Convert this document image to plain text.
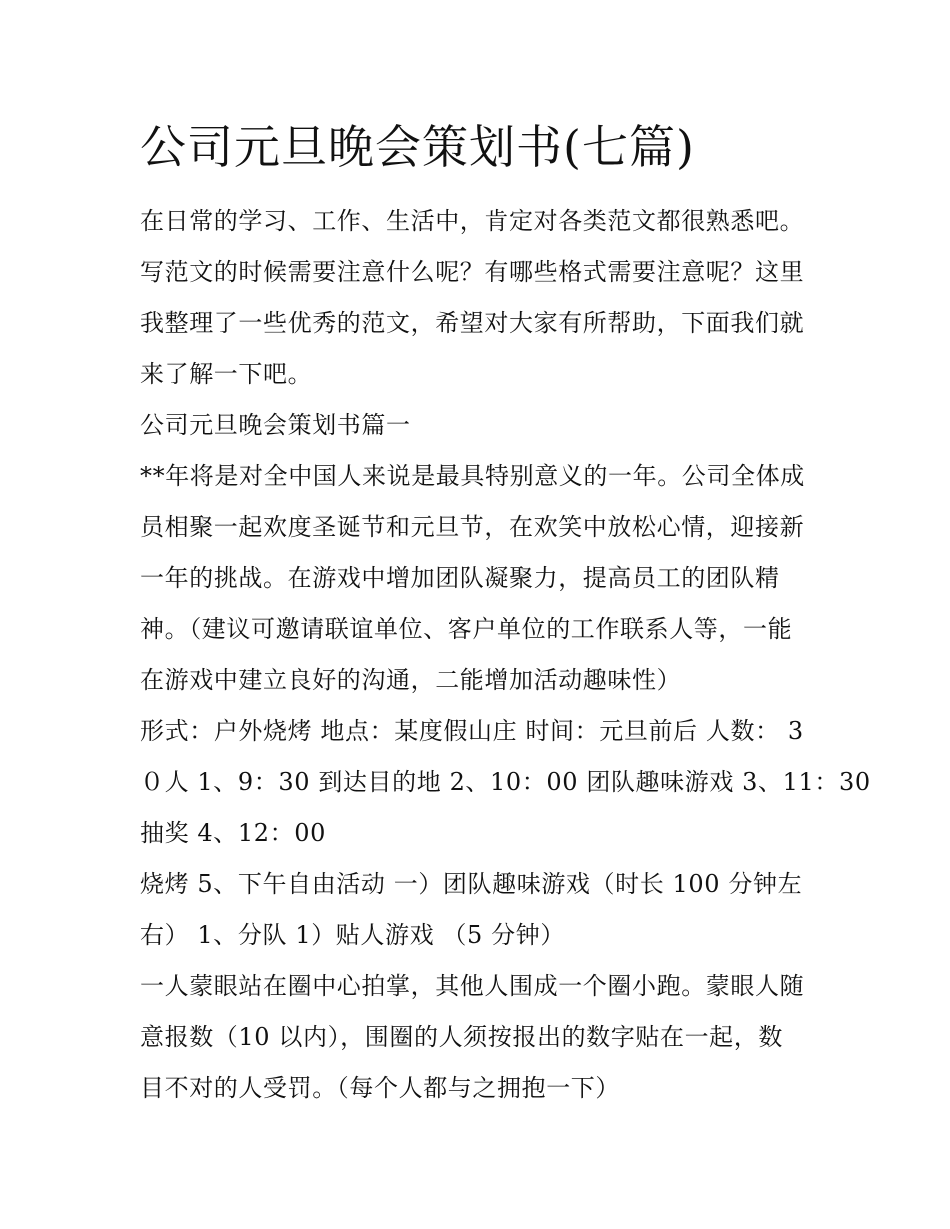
公司元旦晚会策划书(七篇)
在日常的学习、工作、生活中，肯定对各类范文都很熟悉吧。
写范文的时候需要注意什么呢？有哪些格式需要注意呢？这里
我整理了一些优秀的范文，希望对大家有所帮助，下面我们就
来了解一下吧。
公司元旦晚会策划书篇一
**年将是对全中国人来说是最具特别意义的一年。公司全体成
员相聚一起欢度圣诞节和元旦节，在欢笑中放松心情，迎接新
一年的挑战。在游戏中增加团队凝聚力，提高员工的团队精
神。（建议可邀请联谊单位、客户单位的工作联系人等，一能
在游戏中建立良好的沟通，二能增加活动趣味性）
形式：户外烧烤 地点：某度假山庄 时间：元旦前后 人数： 3
０人 1、9：30 到达目的地 2、10：00 团队趣味游戏 3、11：30
抽奖 4、12：00
烧烤 5、下午自由活动 一）团队趣味游戏（时长 100 分钟左
右） 1、分队 1）贴人游戏 （5 分钟）
一人蒙眼站在圈中心拍掌，其他人围成一个圈小跑。蒙眼人随
意报数（10 以内），围圈的人须按报出的数字贴在一起，数
目不对的人受罚。（每个人都与之拥抱一下）
